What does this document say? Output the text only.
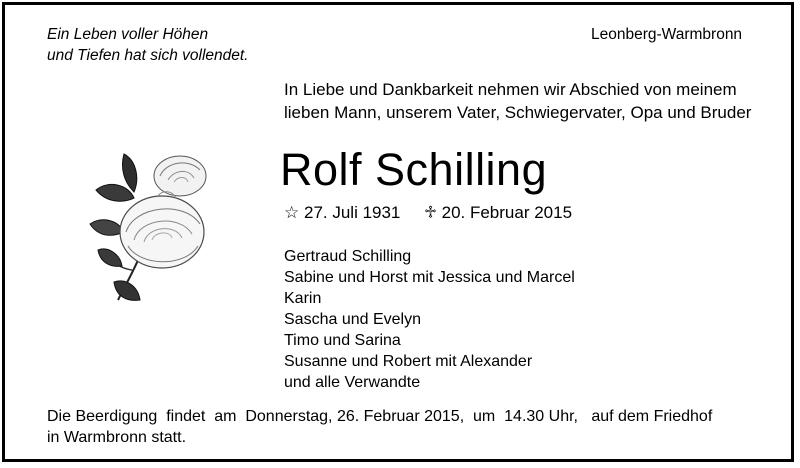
Ein Leben voller Höhen
und Tiefen hat sich vollendet.
Leonberg-Warmbronn
In Liebe und Dankbarkeit nehmen wir Abschied von meinem
lieben Mann, unserem Vater, Schwiegervater, Opa und Bruder
Rolf Schilling
☆ 27. Juli 1931 ♱ 20. Februar 2015
Gertraud Schilling
Sabine und Horst mit Jessica und Marcel
Karin
Sascha und Evelyn
Timo und Sarina
Susanne und Robert mit Alexander
und alle Verwandte
Die Beerdigung  findet  am  Donnerstag, 26. Februar 2015,  um  14.30 Uhr,   auf dem Friedhof
in Warmbronn statt.
